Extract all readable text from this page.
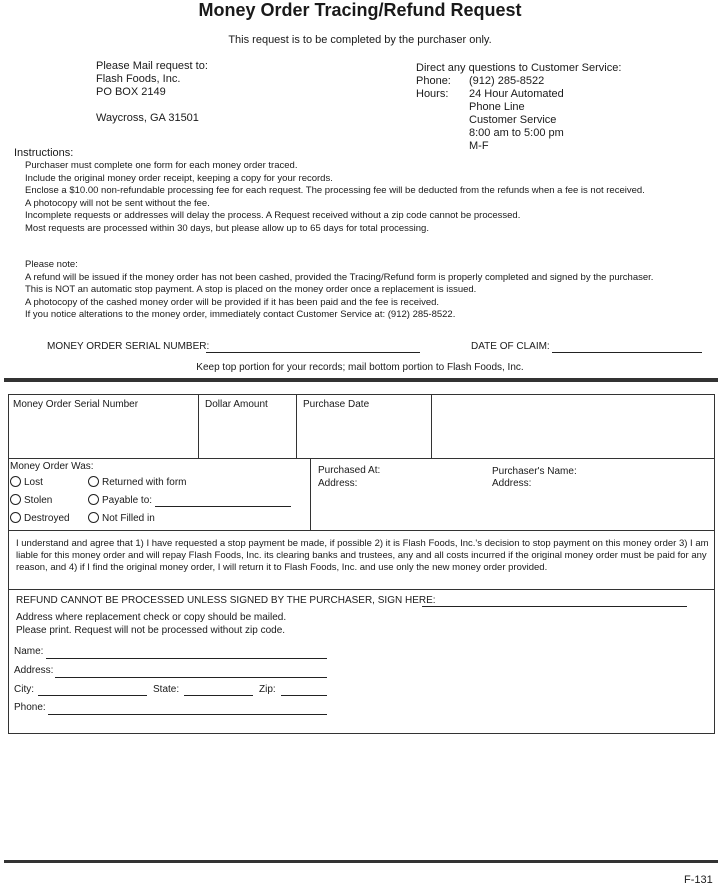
Money Order Tracing/Refund Request
This request is to be completed by the purchaser only.
Please Mail request to:
Flash Foods, Inc.
PO BOX 2149
Waycross, GA 31501
Direct any questions to Customer Service:
Phone: (912) 285-8522
Hours: 24 Hour Automated
Phone Line
Customer Service
8:00 am to 5:00 pm
M-F
Instructions:
Purchaser must complete one form for each money order traced.
Include the original money order receipt, keeping a copy for your records.
Enclose a $10.00 non-refundable processing fee for each request. The processing fee will be deducted from the refunds when a fee is not received.
A photocopy will not be sent without the fee.
Incomplete requests or addresses will delay the process. A Request received without a zip code cannot be processed.
Most requests are processed within 30 days, but please allow up to 65 days for total processing.
Please note:
A refund will be issued if the money order has not been cashed, provided the Tracing/Refund form is properly completed and signed by the purchaser.
This is NOT an automatic stop payment. A stop is placed on the money order once a replacement is issued.
A photocopy of the cashed money order will be provided if it has been paid and the fee is received.
If you notice alterations to the money order, immediately contact Customer Service at: (912) 285-8522.
MONEY ORDER SERIAL NUMBER:	DATE OF CLAIM:
Keep top portion for your records; mail bottom portion to Flash Foods, Inc.
Money Order Serial Number	Dollar Amount	Purchase Date
Money Order Was:
Lost
Stolen
Destroyed
Returned with form
Payable to:
Not Filled in
Purchased At:
Address:
Purchaser's Name:
Address:
I understand and agree that 1) I have requested a stop payment be made, if possible 2) it is Flash Foods, Inc.'s decision to stop payment on this money order 3) I am liable for this money order and will repay Flash Foods, Inc. its clearing banks and trustees, any and all costs incurred if the original money order must be paid for any reason, and 4) if I find the original money order, I will return it to Flash Foods, Inc. and use only the new money order provided.
REFUND CANNOT BE PROCESSED UNLESS SIGNED BY THE PURCHASER, SIGN HERE:
Address where replacement check or copy should be mailed.
Please print. Request will not be processed without zip code.
Name:
Address:
City:	State:	Zip:
Phone:
F-131
